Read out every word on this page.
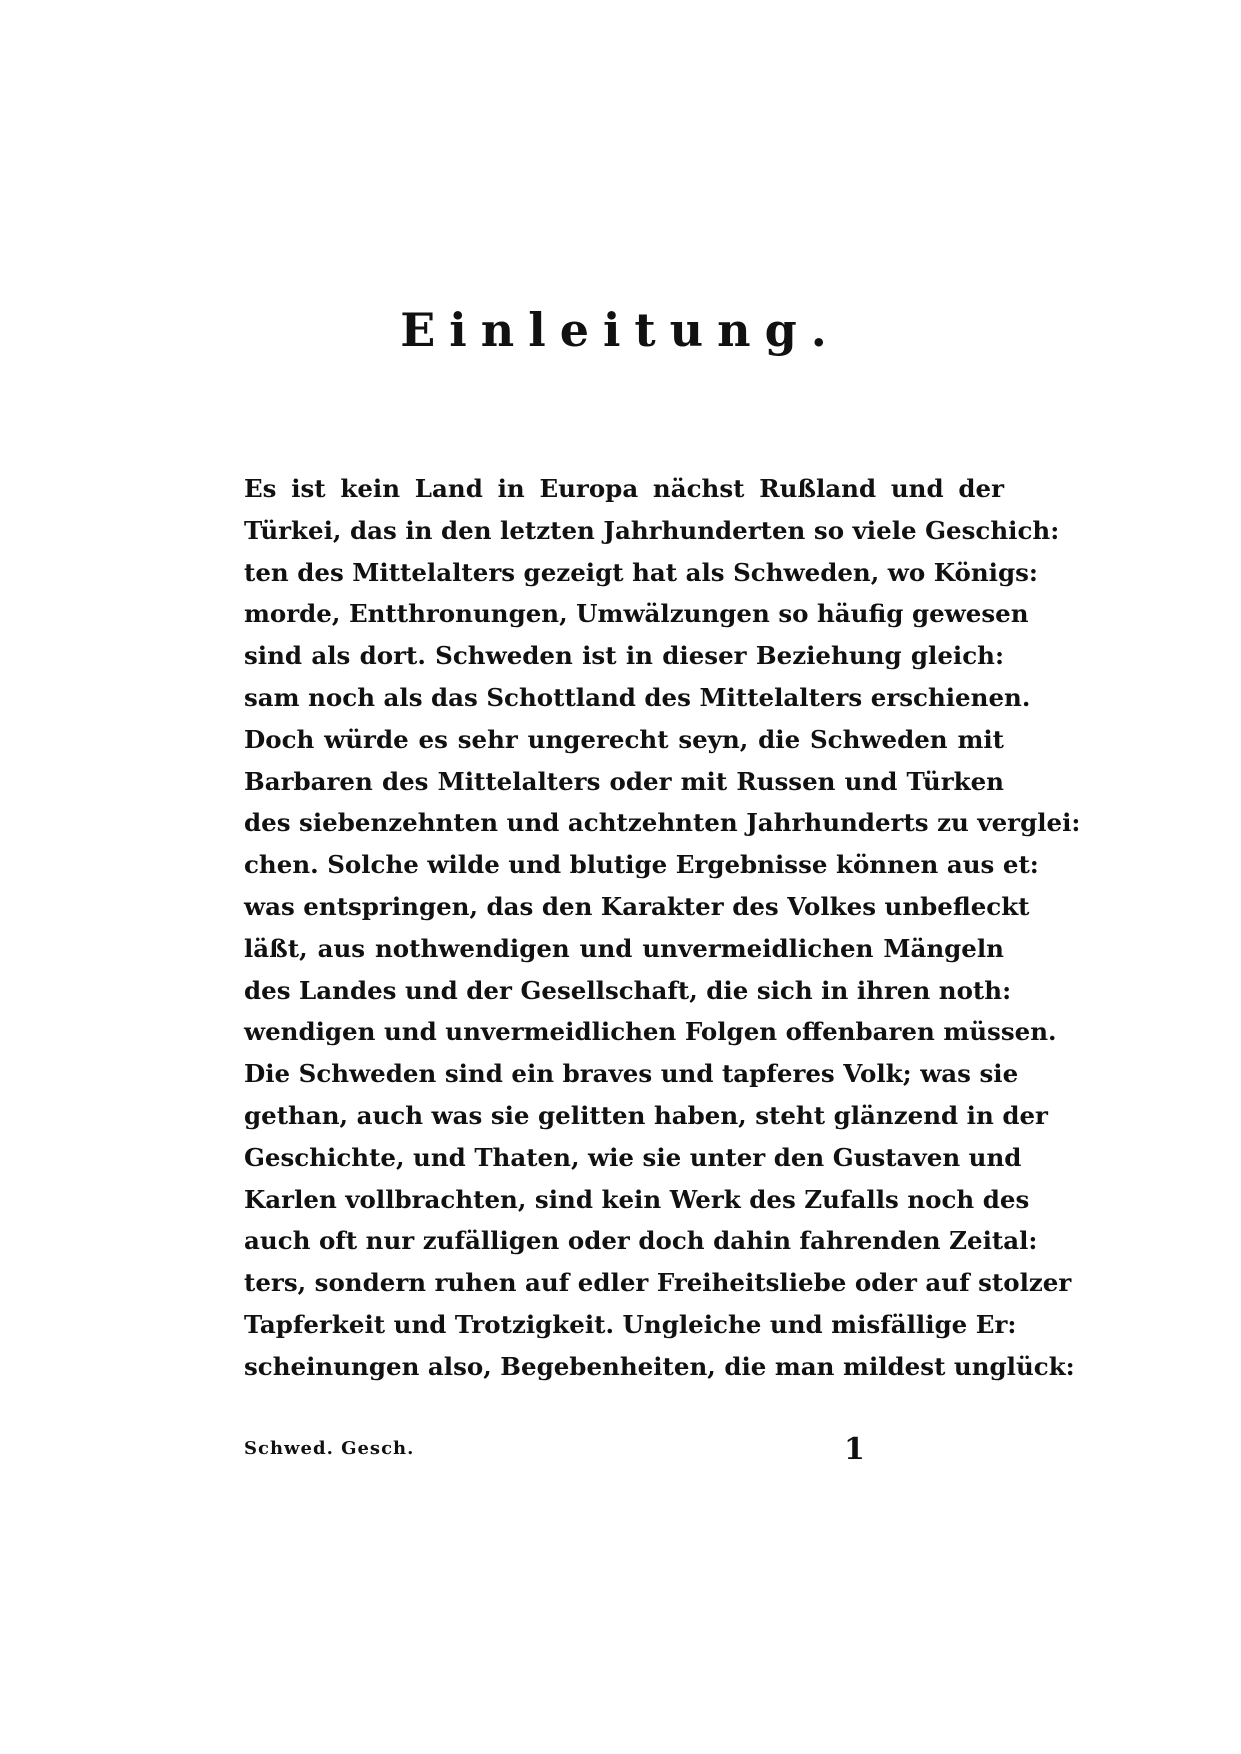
Einleitung.
Es ist kein Land in Europa nächst Rußland und der
Türkei, das in den letzten Jahrhunderten so viele Geschich:
ten des Mittelalters gezeigt hat als Schweden, wo Königs:
morde, Entthronungen, Umwälzungen so häufig gewesen
sind als dort. Schweden ist in dieser Beziehung gleich:
sam noch als das Schottland des Mittelalters erschienen.
Doch würde es sehr ungerecht seyn, die Schweden mit
Barbaren des Mittelalters oder mit Russen und Türken
des siebenzehnten und achtzehnten Jahrhunderts zu verglei:
chen. Solche wilde und blutige Ergebnisse können aus et:
was entspringen, das den Karakter des Volkes unbefleckt
läßt, aus nothwendigen und unvermeidlichen Mängeln
des Landes und der Gesellschaft, die sich in ihren noth:
wendigen und unvermeidlichen Folgen offenbaren müssen.
Die Schweden sind ein braves und tapferes Volk; was sie
gethan, auch was sie gelitten haben, steht glänzend in der
Geschichte, und Thaten, wie sie unter den Gustaven und
Karlen vollbrachten, sind kein Werk des Zufalls noch des
auch oft nur zufälligen oder doch dahin fahrenden Zeital:
ters, sondern ruhen auf edler Freiheitsliebe oder auf stolzer
Tapferkeit und Trotzigkeit. Ungleiche und misfällige Er:
scheinungen also, Begebenheiten, die man mildest unglück:
Schwed. Gesch.	1
